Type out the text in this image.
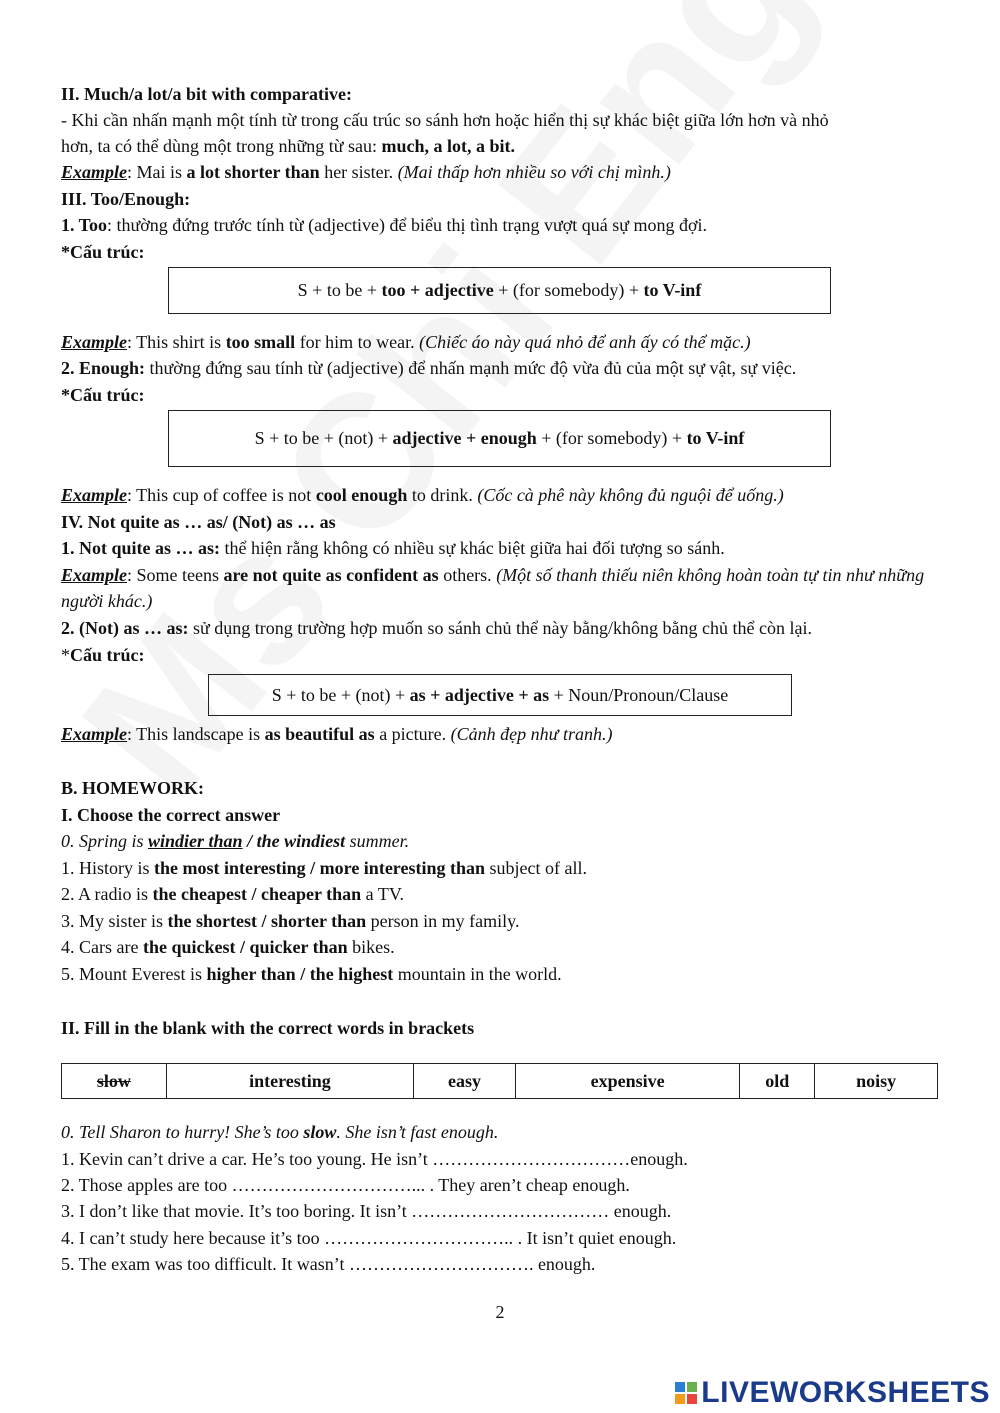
II. Much/a lot/a bit with comparative:
- Khi cần nhấn mạnh một tính từ trong cấu trúc so sánh hơn hoặc hiển thị sự khác biệt giữa lớn hơn và nhỏ
hơn, ta có thể dùng một trong những từ sau: much, a lot, a bit.
Example: Mai is a lot shorter than her sister. (Mai thấp hơn nhiều so với chị mình.)
III. Too/Enough:
1. Too: thường đứng trước tính từ (adjective) để biểu thị tình trạng vượt quá sự mong đợi.
*Cấu trúc:
S + to be + too + adjective + (for somebody) + to V-inf
Example: This shirt is too small for him to wear. (Chiếc áo này quá nhỏ để anh ấy có thể mặc.)
2. Enough: thường đứng sau tính từ (adjective) để nhấn mạnh mức độ vừa đủ của một sự vật, sự việc.
*Cấu trúc:
S + to be + (not) + adjective + enough + (for somebody) + to V-inf
Example: This cup of coffee is not cool enough to drink. (Cốc cà phê này không đủ nguội để uống.)
IV. Not quite as … as/ (Not) as … as
1. Not quite as … as: thể hiện rằng không có nhiều sự khác biệt giữa hai đối tượng so sánh.
Example: Some teens are not quite as confident as others. (Một số thanh thiếu niên không hoàn toàn tự tin như những người khác.)
2. (Not) as … as: sử dụng trong trường hợp muốn so sánh chủ thể này bằng/không bằng chủ thể còn lại.
*Cấu trúc:
S + to be + (not) + as + adjective + as + Noun/Pronoun/Clause
Example: This landscape is as beautiful as a picture. (Cảnh đẹp như tranh.)
B. HOMEWORK:
I. Choose the correct answer
0. Spring is windier than / the windiest summer.
1. History is the most interesting / more interesting than subject of all.
2. A radio is the cheapest / cheaper than a TV.
3. My sister is the shortest / shorter than person in my family.
4. Cars are the quickest / quicker than bikes.
5. Mount Everest is higher than / the highest mountain in the world.
II. Fill in the blank with the correct words in brackets
slow	interesting	easy	expensive	old	noisy
0. Tell Sharon to hurry! She’s too slow. She isn’t fast enough.
1. Kevin can’t drive a car. He’s too young. He isn’t ……………………………enough.
2. Those apples are too …………………………... . They aren’t cheap enough.
3. I don’t like that movie. It’s too boring. It isn’t …………………………… enough.
4. I can’t study here because it’s too ………………………….. . It isn’t quiet enough.
5. The exam was too difficult. It wasn’t …………………………. enough.
2
LIVEWORKSHEETS
